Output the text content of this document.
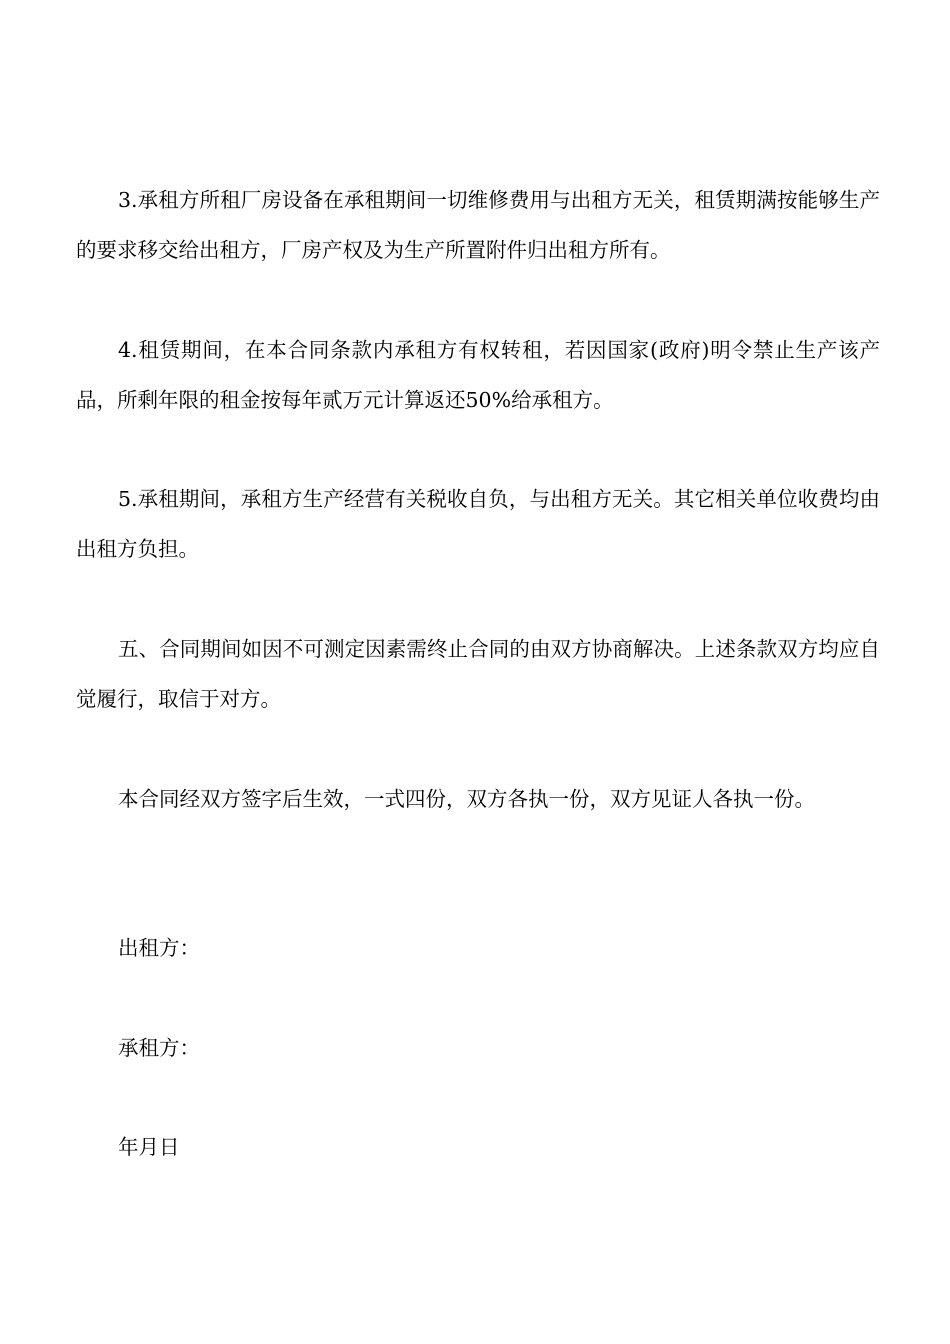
3.承租方所租厂房设备在承租期间一切维修费用与出租方无关，租赁期满按能够生产的要求移交给出租方，厂房产权及为生产所置附件归出租方所有。

4.租赁期间，在本合同条款内承租方有权转租，若因国家(政府)明令禁止生产该产品，所剩年限的租金按每年贰万元计算返还50%给承租方。

5.承租期间，承租方生产经营有关税收自负，与出租方无关。其它相关单位收费均由出租方负担。

五、合同期间如因不可测定因素需终止合同的由双方协商解决。上述条款双方均应自觉履行，取信于对方。

本合同经双方签字后生效，一式四份，双方各执一份，双方见证人各执一份。

出租方：

承租方：

年月日
